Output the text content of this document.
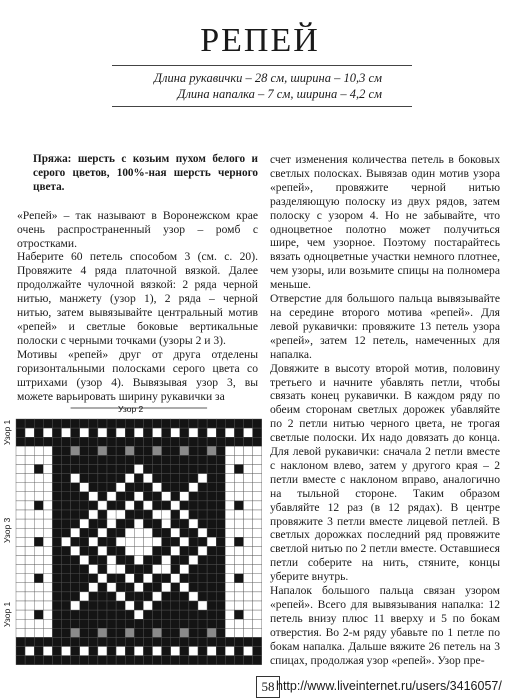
РЕПЕЙ
Длина рукавички – 28 см, ширина – 10,3 см
Длина напалка – 7 см, ширина – 4,2 см

Пряжа: шерсть с козьим пухом белого и серого цветов, 100%-ная шерсть черного цвета.

«Репей» – так называют в Воронежском крае очень распространенный узор – ромб с отростками.

Наберите 60 петель способом 3 (см. с. 20). Провяжите 4 ряда платочной вязкой. Далее продолжайте чулочной вязкой: 2 ряда черной нитью, манжету (узор 1), 2 ряда – черной нитью, затем вывязывайте центральный мотив «репей» и светлые боковые вертикальные полоски с черными точками (узоры 2 и 3).

Мотивы «репей» друг от друга отделены горизонтальными полосками серого цвета со штрихами (узор 4). Вывязывая узор 3, вы можете варьировать ширину рукавички за

счет изменения количества петель в боковых светлых полосках. Вывязав один мотив узора «репей», провяжите черной нитью разделяющую полоску из двух рядов, затем полоску с узором 4. Но не забывайте, что одноцветное полотно может получиться шире, чем узорное. Поэтому постарайтесь вязать одноцветные участки немного плотнее, чем узоры, или возьмите спицы на полномера меньше.

Отверстие для большого пальца вывязывайте на середине второго мотива «репей». Для левой рукавички: провяжите 13 петель узора «репей», затем 12 петель, намеченных для напалка.

Довяжите в высоту второй мотив, половину третьего и начните убавлять петли, чтобы связать конец рукавички. В каждом ряду по обеим сторонам светлых дорожек убавляйте по 2 петли нитью черного цвета, не трогая светлые полоски. Их надо довязать до конца. Для левой рукавички: сначала 2 петли вместе с наклоном влево, затем у другого края – 2 петли вместе с наклоном вправо, аналогично на тыльной стороне. Таким образом убавляйте 12 раз (в 12 рядах). В центре провяжите 3 петли вместе лицевой петлей. В светлых дорожках последний ряд провяжите светлой нитью по 2 петли вместе. Оставшиеся петли соберите на нить, стяните, концы уберите внутрь.

Напалок большого пальца связан узором «репей». Всего для вывязывания напалка: 12 петель внизу плюс 11 вверху и 5 по бокам отверстия. Во 2-м ряду убавьте по 1 петле по бокам напалка. Дальше вяжите 26 петель на 3 спицах, продолжая узор «репей». Узор пре-

Узор 2
Узор 1
Узор 3
Узор 1
58 http://www.liveinternet.ru/users/3416057/
